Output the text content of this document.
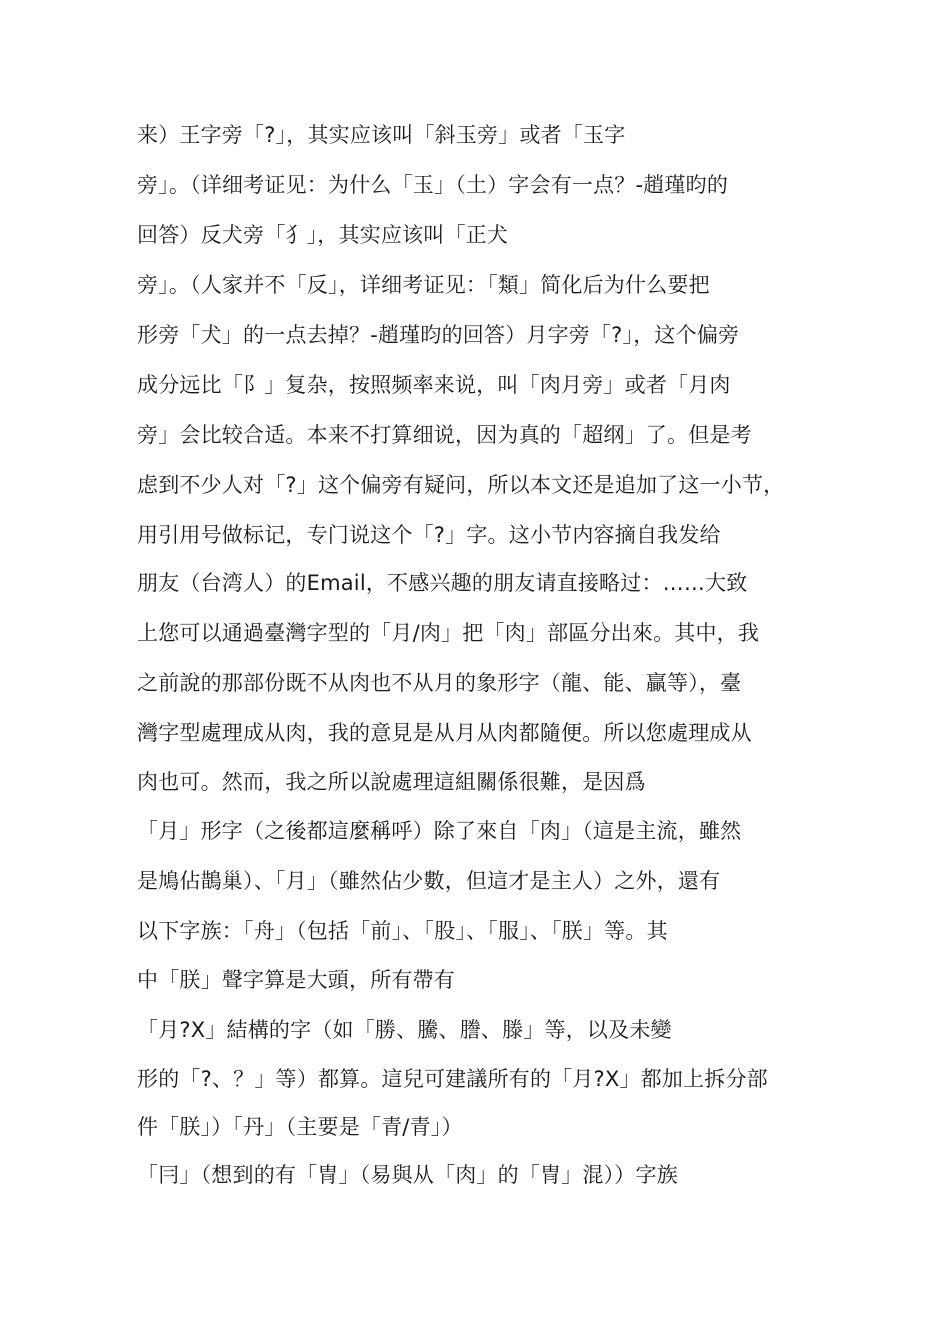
来）王字旁「?」，其实应该叫「斜玉旁」或者「玉字
旁」。（详细考证见：为什么「玉」（土）字会有一点？-趙瑾昀的
回答）反犬旁「犭」，其实应该叫「正犬
旁」。（人家并不「反」，详细考证见：「類」简化后为什么要把
形旁「犬」的一点去掉？-趙瑾昀的回答）月字旁「?」，这个偏旁
成分远比「⻖」复杂，按照频率来说，叫「肉月旁」或者「月肉
旁」会比较合适。本来不打算细说，因为真的「超纲」了。但是考
虑到不少人对「?」这个偏旁有疑问，所以本文还是追加了这一小节，
用引用号做标记，专门说这个「?」字。这小节内容摘自我发给
朋友（台湾人）的Email，不感兴趣的朋友请直接略过：……大致
上您可以通過臺灣字型的「月/肉」把「肉」部區分出來。其中，我
之前說的那部份既不从肉也不从月的象形字（龍、能、贏等），臺
灣字型處理成从肉，我的意見是从月从肉都隨便。所以您處理成从
肉也可。然而，我之所以說處理這組關係很難，是因爲
「月」形字（之後都這麼稱呼）除了來自「肉」（這是主流，雖然
是鳩佔鵲巢）、「月」（雖然佔少數，但這才是主人）之外，還有
以下字族：「舟」（包括「前」、「股」、「服」、「朕」等。其
中「朕」聲字算是大頭，所有帶有
「月?X」結構的字（如「勝、騰、謄、滕」等，以及未變
形的「?、？」等）都算。這兒可建議所有的「月?X」都加上拆分部
件「朕」）「丹」（主要是「青/青」）
「冃」（想到的有「冑」（易與从「肉」的「冑」混））字族
